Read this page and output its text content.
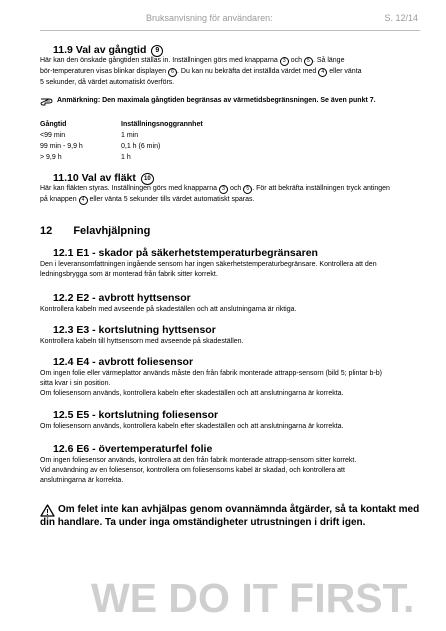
Bruksanvisning för användaren:	S. 12/14
11.9 Val av gångtid 9
Här kan den önskade gångtiden ställas in. Inställningen görs med knapparna 3 och 5 . Så länge
bör-temperaturen visas blinkar displayen 6 . Du kan nu bekräfta det inställda värdet med 4 eller vänta
5 sekunder, då värdet automatiskt överförs.
Anmärkning: Den maximala gångtiden begränsas av värmetidsbegränsningen. Se även punkt 7.
Gångtid	Inställningsnoggrannhet
<99 min	1 min
99 min - 9,9 h	0,1 h (6 min)
> 9,9 h	1 h
11.10 Val av fläkt 10
Här kan fläkten styras. Inställningen görs med knapparna 3 och 5 . För att bekräfta inställningen tryck antingen
på knappen 4 eller vänta 5 sekunder tills värdet automatiskt sparas.
12 Felavhjälpning
12.1 E1 - skador på säkerhetstemperaturbegränsaren
Den i leveransomfattningen ingående sensorn har ingen säkerhetstemperaturbegränsare. Kontrollera att den
ledningsbrygga som är monterad från fabrik sitter korrekt.
12.2 E2 - avbrott hyttsensor
Kontrollera kabeln med avseende på skadeställen och att anslutningarna är riktiga.
12.3 E3 - kortslutning hyttsensor
Kontrollera kabeln till hyttsensorn med avseende på skadeställen.
12.4 E4 - avbrott foliesensor
Om ingen folie eller värmeplattor används måste den från fabrik monterade attrapp-sensorn (bild 5; plintar b-b)
sitta kvar i sin position.
Om foliesensorn används, kontrollera kabeln efter skadeställen och att anslutningarna är korrekta.
12.5 E5 - kortslutning foliesensor
Om foliesensorn används, kontrollera kabeln efter skadeställen och att anslutningarna är korrekta.
12.6 E6 - övertemperaturfel folie
Om ingen foliesensor används, kontrollera att den från fabrik monterade attrapp-sensorn sitter korrekt.
Vid användning av en foliesensor, kontrollera om foliesensorns kabel är skadad, och kontrollera att
anslutningarna är korrekta.
! Om felet inte kan avhjälpas genom ovannämnda åtgärder, så ta kontakt med
din handlare. Ta under inga omständigheter utrustningen i drift igen.
WE DO IT FIRST.
